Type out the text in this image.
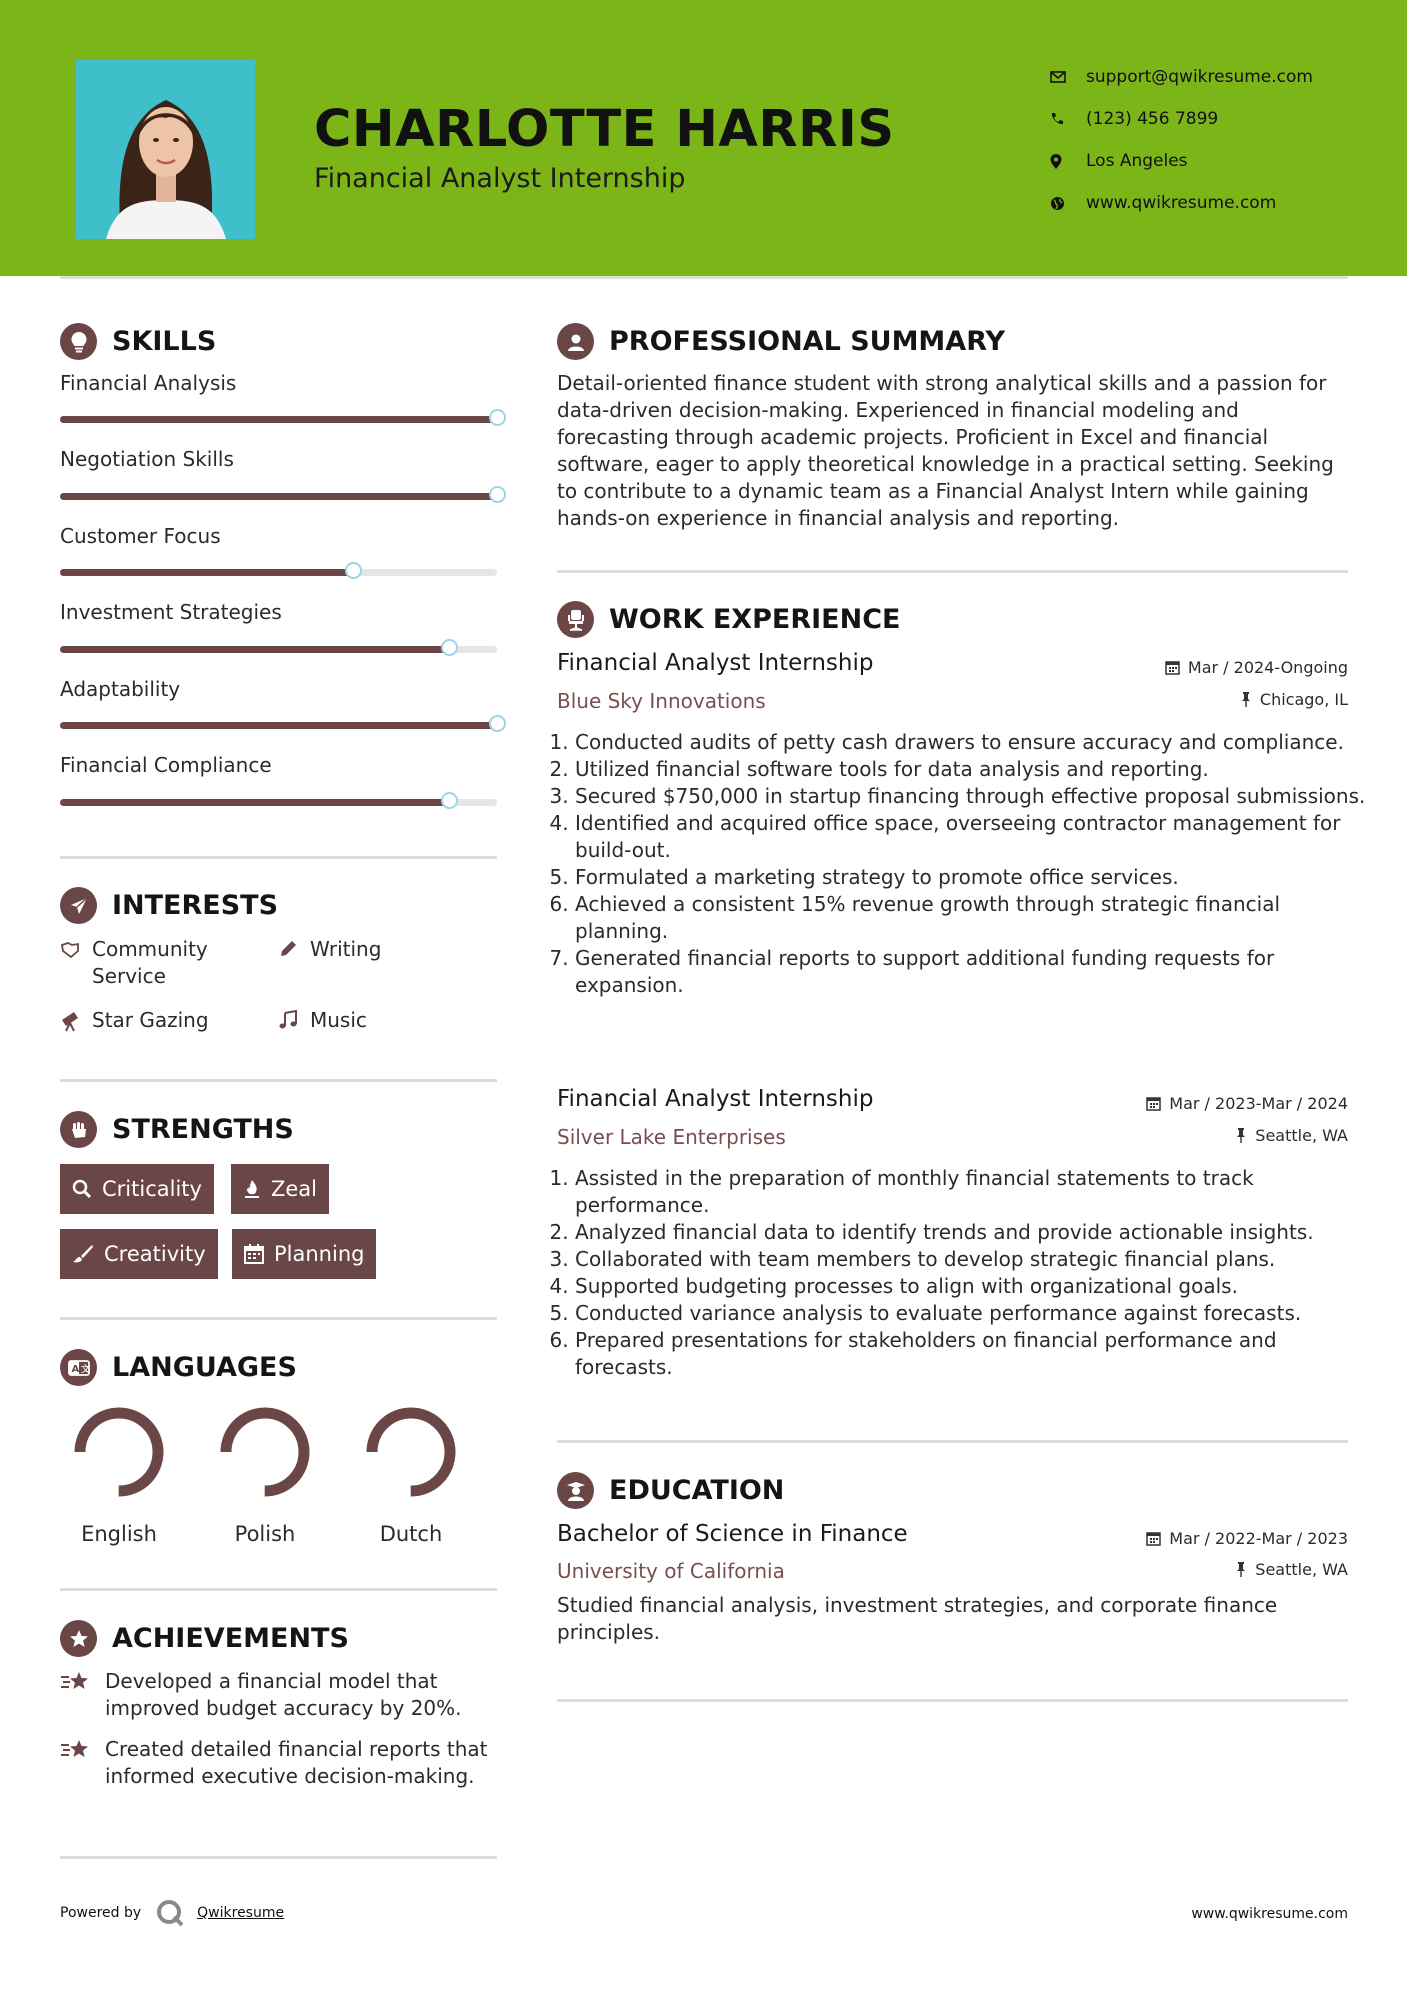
CHARLOTTE HARRIS
Financial Analyst Internship
support@qwikresume.com
(123) 456 7899
Los Angeles
www.qwikresume.com
SKILLS
Financial Analysis
Negotiation Skills
Customer Focus
Investment Strategies
Adaptability
Financial Compliance
INTERESTS
Community Service
Writing
Star Gazing	Music
STRENGTHS
Criticality	Zeal
Creativity	Planning
A 文 LANGUAGES
English	Polish	Dutch
ACHIEVEMENTS
Developed a financial model that improved budget accuracy by 20%.
Created detailed financial reports that informed executive decision-making.
PROFESSIONAL SUMMARY
Detail-oriented finance student with strong analytical skills and a passion for data-driven decision-making. Experienced in financial modeling and forecasting through academic projects. Proficient in Excel and financial software, eager to apply theoretical knowledge in a practical setting. Seeking to contribute to a dynamic team as a Financial Analyst Intern while gaining hands-on experience in financial analysis and reporting.
WORK EXPERIENCE
Financial Analyst Internship	Mar / 2024-Ongoing
Blue Sky Innovations	Chicago, IL
1. Conducted audits of petty cash drawers to ensure accuracy and compliance.
2. Utilized financial software tools for data analysis and reporting.
3. Secured $750,000 in startup financing through effective proposal submissions.
4. Identified and acquired office space, overseeing contractor management for build-out.
5. Formulated a marketing strategy to promote office services.
6. Achieved a consistent 15% revenue growth through strategic financial planning.
7. Generated financial reports to support additional funding requests for expansion.
Financial Analyst Internship	Mar / 2023-Mar / 2024
Silver Lake Enterprises	Seattle, WA
1. Assisted in the preparation of monthly financial statements to track performance.
2. Analyzed financial data to identify trends and provide actionable insights.
3. Collaborated with team members to develop strategic financial plans.
4. Supported budgeting processes to align with organizational goals.
5. Conducted variance analysis to evaluate performance against forecasts.
6. Prepared presentations for stakeholders on financial performance and forecasts.
EDUCATION
Bachelor of Science in Finance	Mar / 2022-Mar / 2023
University of California	Seattle, WA
Studied financial analysis, investment strategies, and corporate finance principles.
Powered by	Qwikresume	www.qwikresume.com
